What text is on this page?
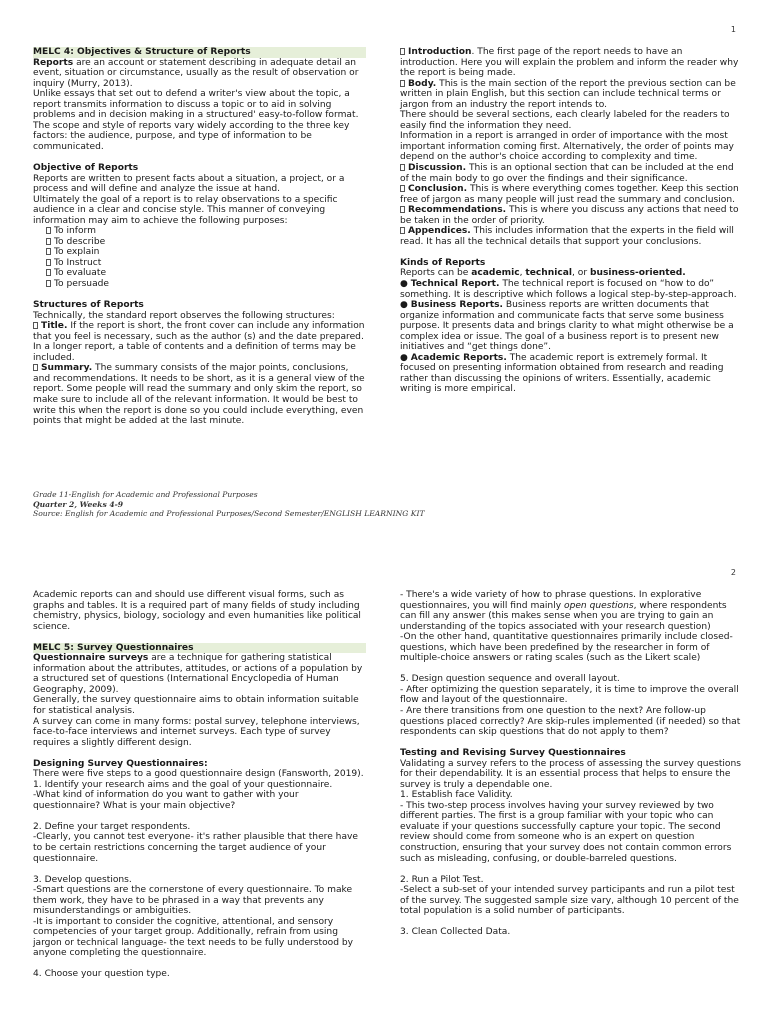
1
MELC 4: Objectives & Structure of Reports

Reports are an account or statement describing in adequate detail an event, situation or circumstance, usually as the result of observation or inquiry (Murry, 2013).

Unlike essays that set out to defend a writer's view about the topic, a report transmits information to discuss a topic or to aid in solving problems and in decision making in a structured' easy-to-follow format.

The scope and style of reports vary widely according to the three key factors: the audience, purpose, and type of information to be communicated.

Objective of Reports

Reports are written to present facts about a situation, a project, or a process and will define and analyze the issue at hand.

Ultimately the goal of a report is to relay observations to a specific audience in a clear and concise style. This manner of conveying information may aim to achieve the following purposes:

To inform
To describe
To explain
To Instruct
To evaluate
To persuade

Structures of Reports

Technically, the standard report observes the following structures:

Title. If the report is short, the front cover can include any information that you feel is necessary, such as the author (s) and the date prepared. In a longer report, a table of contents and a definition of terms may be included.

Summary. The summary consists of the major points, conclusions, and recommendations. It needs to be short, as it is a general view of the report. Some people will read the summary and only skim the report, so make sure to include all of the relevant information. It would be best to write this when the report is done so you could include everything, even points that might be added at the last minute.

Introduction. The first page of the report needs to have an introduction. Here you will explain the problem and inform the reader why the report is being made.

Body. This is the main section of the report the previous section can be written in plain English, but this section can include technical terms or jargon from an industry the report intends to.

There should be several sections, each clearly labeled for the readers to easily find the information they need.

Information in a report is arranged in order of importance with the most important information coming first. Alternatively, the order of points may depend on the author's choice according to complexity and time.

Discussion. This is an optional section that can be included at the end of the main body to go over the findings and their significance.

Conclusion. This is where everything comes together. Keep this section free of jargon as many people will just read the summary and conclusion.

Recommendations. This is where you discuss any actions that need to be taken in the order of priority.

Appendices. This includes information that the experts in the field will read. It has all the technical details that support your conclusions.

Kinds of Reports

Reports can be academic, technical, or business-oriented.

● Technical Report. The technical report is focused on “how to do” something. It is descriptive which follows a logical step-by-step-approach.

● Business Reports. Business reports are written documents that organize information and communicate facts that serve some business purpose. It presents data and brings clarity to what might otherwise be a complex idea or issue. The goal of a business report is to present new initiatives and “get things done”.

● Academic Reports. The academic report is extremely formal. It focused on presenting information obtained from research and reading rather than discussing the opinions of writers. Essentially, academic writing is more empirical.

Grade 11-English for Academic and Professional Purposes
Quarter 2, Weeks 4-9
Source: English for Academic and Professional Purposes/Second Semester/ENGLISH LEARNING KIT
2

Academic reports can and should use different visual forms, such as graphs and tables. It is a required part of many fields of study including chemistry, physics, biology, sociology and even humanities like political science.

MELC 5: Survey Questionnaires

Questionnaire surveys are a technique for gathering statistical information about the attributes, attitudes, or actions of a population by a structured set of questions (International Encyclopedia of Human Geography, 2009).

Generally, the survey questionnaire aims to obtain information suitable for statistical analysis.

A survey can come in many forms: postal survey, telephone interviews, face-to-face interviews and internet surveys. Each type of survey requires a slightly different design.

Designing Survey Questionnaires:

There were five steps to a good questionnaire design (Fansworth, 2019).

1. Identify your research aims and the goal of your questionnaire.

-What kind of information do you want to gather with your questionnaire? What is your main objective?

2. Define your target respondents.

-Clearly, you cannot test everyone- it's rather plausible that there have to be certain restrictions concerning the target audience of your questionnaire.

3. Develop questions.

-Smart questions are the cornerstone of every questionnaire. To make them work, they have to be phrased in a way that prevents any misunderstandings or ambiguities.

-It is important to consider the cognitive, attentional, and sensory competencies of your target group. Additionally, refrain from using jargon or technical language- the text needs to be fully understood by anyone completing the questionnaire.

4. Choose your question type.

- There's a wide variety of how to phrase questions. In explorative questionnaires, you will find mainly open questions, where respondents can fill any answer (this makes sense when you are trying to gain an understanding of the topics associated with your research question)

-On the other hand, quantitative questionnaires primarily include closed-questions, which have been predefined by the researcher in form of multiple-choice answers or rating scales (such as the Likert scale)

5. Design question sequence and overall layout.

- After optimizing the question separately, it is time to improve the overall flow and layout of the questionnaire.

- Are there transitions from one question to the next? Are follow-up questions placed correctly? Are skip-rules implemented (if needed) so that respondents can skip questions that do not apply to them?

Testing and Revising Survey Questionnaires

Validating a survey refers to the process of assessing the survey questions for their dependability. It is an essential process that helps to ensure the survey is truly a dependable one.

1. Establish face Validity.

- This two-step process involves having your survey reviewed by two different parties. The first is a group familiar with your topic who can evaluate if your questions successfully capture your topic. The second review should come from someone who is an expert on question construction, ensuring that your survey does not contain common errors such as misleading, confusing, or double-barreled questions.

2. Run a Pilot Test.

-Select a sub-set of your intended survey participants and run a pilot test of the survey. The suggested sample size vary, although 10 percent of the total population is a solid number of participants.

3. Clean Collected Data.
